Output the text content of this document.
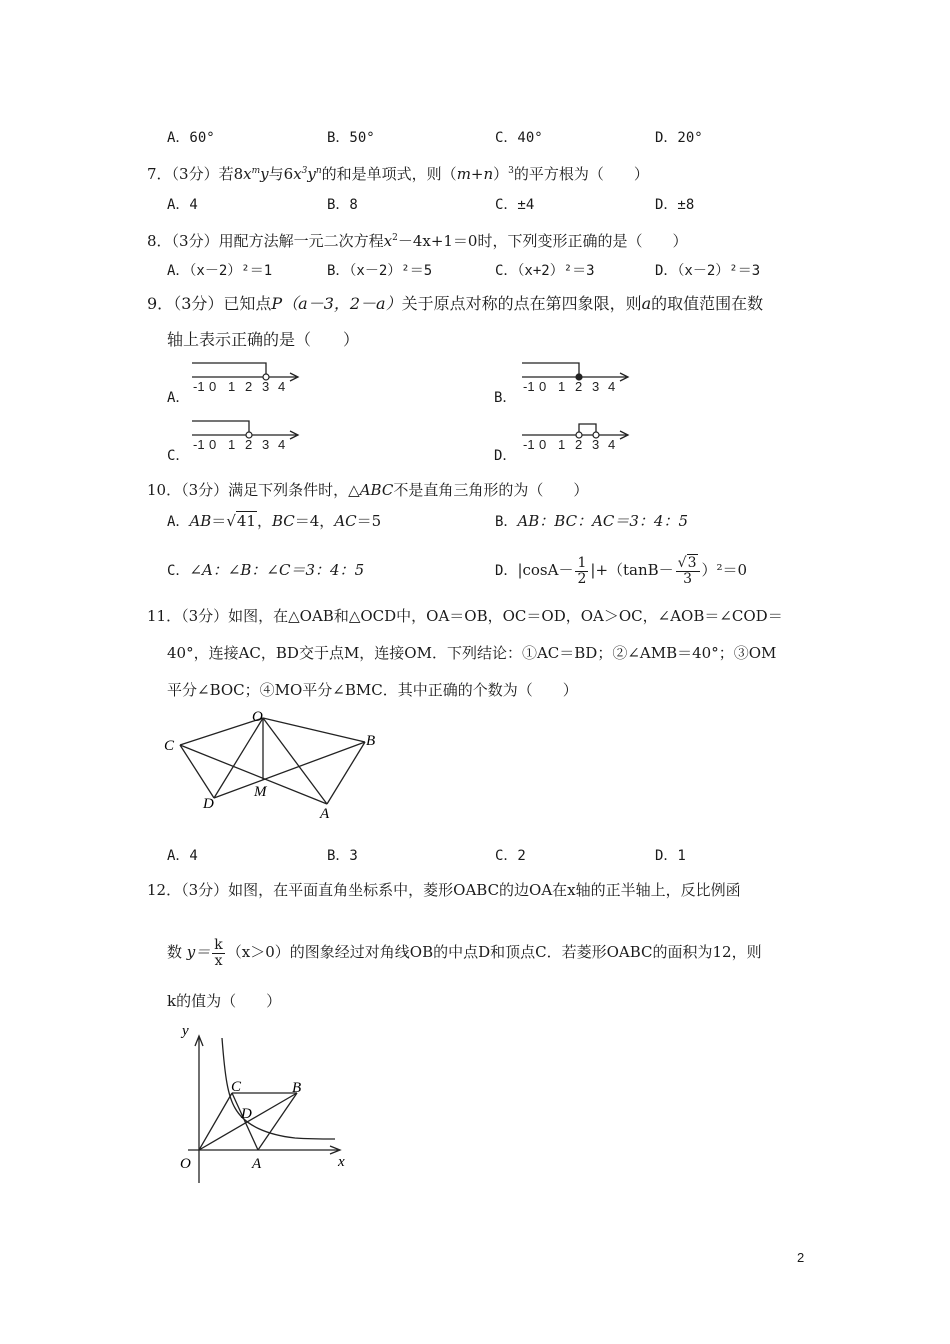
A．60°	B．50°	C．40°	D．20°
7．（3分）若$8x^my$与$6x^3y^n$的和是单项式，则$(m+n)^3$的平方根为（　　）
A．4	B．8	C．±4	D．±8
8．（3分）用配方法解一元二次方程$x^2-4x+1=0$时，下列变形正确的是（　　）
A．（x－2）²＝1	B．（x－2）²＝5	C．（x+2）²＝3	D．（x－2）²＝3
9．（3分）已知点P（a－3，2－a）关于原点对称的点在第四象限，则a的取值范围在数
轴上表示正确的是（　　）
A．	B．
C．	D．
-1 0 1 2 3 4	-1 0 1 2 3 4
-1 0 1 2 3 4	-1 0 1 2 3 4
10．（3分）满足下列条件时，△ABC不是直角三角形的为（　　）
A．AB＝√41，BC＝4，AC＝5	B．AB：BC：AC＝3：4：5
C．∠A：∠B：∠C＝3：4：5	D．$|\cos A- \frac{1}{2} |+(\tan B- \frac{√3}{3} )^2=0$
11．（3分）如图，在△OAB和△OCD中，OA＝OB，OC＝OD，OA＞OC，∠AOB＝∠COD＝
40°，连接AC，BD交于点M，连接OM．下列结论：①AC＝BD；②∠AMB＝40°；③OM
平分∠BOC；④MO平分∠BMC．其中正确的个数为（　　）
O
B
C
D
M
A
A．4	B．3	C．2	D．1
12．（3分）如图，在平面直角坐标系中，菱形OABC的边OA在x轴的正半轴上，反比例函
数 $y= \frac{k}{x} (x>0)$的图象经过对角线OB的中点D和顶点C．若菱形OABC的面积为12，则
k的值为（　　）
y
x
O	A
B
C
D
2
